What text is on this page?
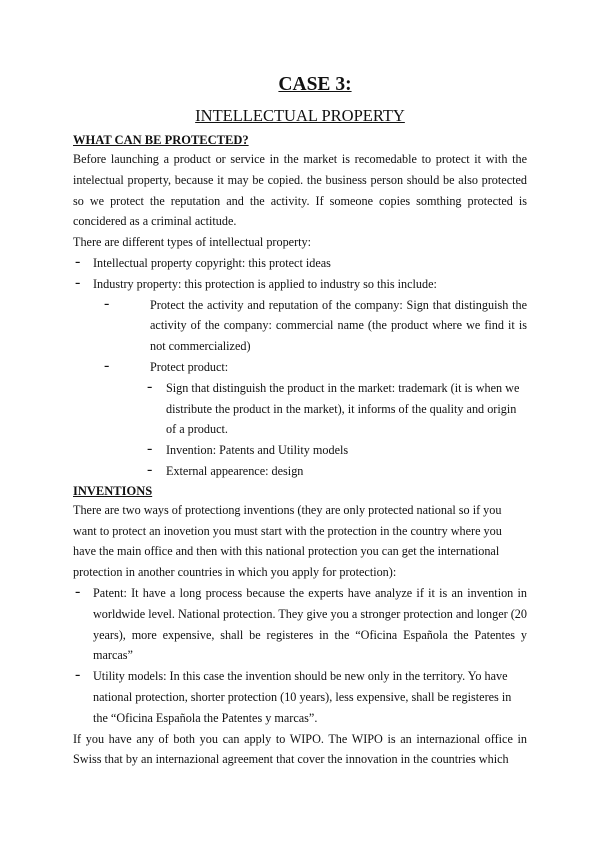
CASE 3:
INTELLECTUAL PROPERTY
WHAT CAN BE PROTECTED?

Before launching a product or service in the market is recomedable to protect it with the intelectual property, because it may be copied. the business person should be also protected so we protect the reputation and the activity. If someone copies somthing protected is concidered as a criminal actitude.

There are different types of intellectual property:

-	Intellectual property copyright: this protect ideas
-	Industry property: this protection is applied to industry so this include:
-	Protect the activity and reputation of the company: Sign that distinguish the activity of the company: commercial name (the product where we find it is not commercialized)
-	Protect product:
-	Sign that distinguish the product in the market: trademark (it is when we distribute the product in the market), it informs of the quality and origin of a product.
-	Invention: Patents and Utility models
-	External appearence: design
INVENTIONS

There are two ways of protectiong inventions (they are only protected national so if you want to protect an inovetion you must start with the protection in the country where you have the main office and then with this national protection you can get the international protection in another countries in which you apply for protection):

-	Patent: It have a long process because the experts have analyze if it is an invention in worldwide level. National protection. They give you a stronger protection and longer (20 years), more expensive, shall be registeres in the “Oficina Española the Patentes y marcas”
-	Utility models: In this case the invention should be new only in the territory. Yo have national protection, shorter protection (10 years), less expensive, shall be registeres in the “Oficina Española the Patentes y marcas”.

If you have any of both you can apply to WIPO. The WIPO is an internazional office in Swiss that by an internazional agreement that cover the innovation in the countries which
